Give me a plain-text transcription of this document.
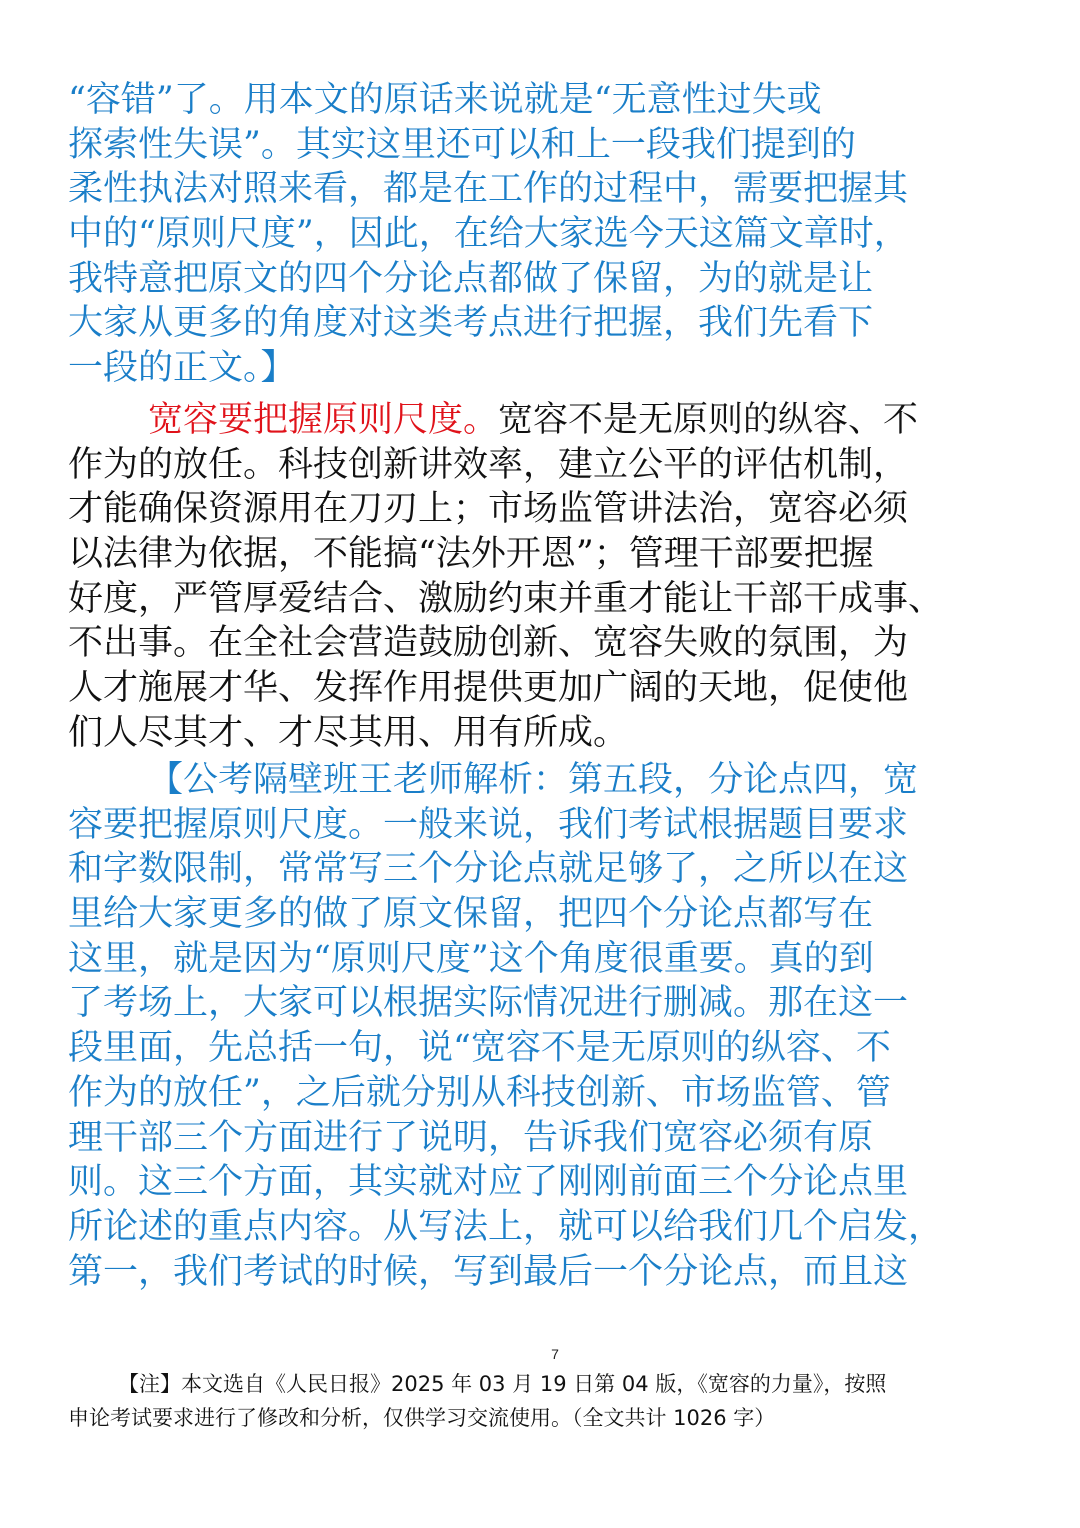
“容错”了。用本文的原话来说就是“无意性过失或
探索性失误”。其实这里还可以和上一段我们提到的
柔性执法对照来看，都是在工作的过程中，需要把握其
中的“原则尺度”，因此，在给大家选今天这篇文章时，
我特意把原文的四个分论点都做了保留，为的就是让
大家从更多的角度对这类考点进行把握，我们先看下
一段的正文。】
宽容要把握原则尺度。宽容不是无原则的纵容、不
作为的放任。科技创新讲效率，建立公平的评估机制，
才能确保资源用在刀刃上；市场监管讲法治，宽容必须
以法律为依据，不能搞“法外开恩”；管理干部要把握
好度，严管厚爱结合、激励约束并重才能让干部干成事、
不出事。在全社会营造鼓励创新、宽容失败的氛围，为
人才施展才华、发挥作用提供更加广阔的天地，促使他
们人尽其才、才尽其用、用有所成。
【公考隔壁班王老师解析：第五段，分论点四，宽
容要把握原则尺度。一般来说，我们考试根据题目要求
和字数限制，常常写三个分论点就足够了，之所以在这
里给大家更多的做了原文保留，把四个分论点都写在
这里，就是因为“原则尺度”这个角度很重要。真的到
了考场上，大家可以根据实际情况进行删减。那在这一
段里面，先总括一句，说“宽容不是无原则的纵容、不
作为的放任”，之后就分别从科技创新、市场监管、管
理干部三个方面进行了说明，告诉我们宽容必须有原
则。这三个方面，其实就对应了刚刚前面三个分论点里
所论述的重点内容。从写法上，就可以给我们几个启发，
第一，我们考试的时候，写到最后一个分论点，而且这
7
【注】本文选自《人民日报》2025 年 03 月 19 日第 04 版，《宽容的力量》，按照
申论考试要求进行了修改和分析，仅供学习交流使用。（全文共计 1026 字）
